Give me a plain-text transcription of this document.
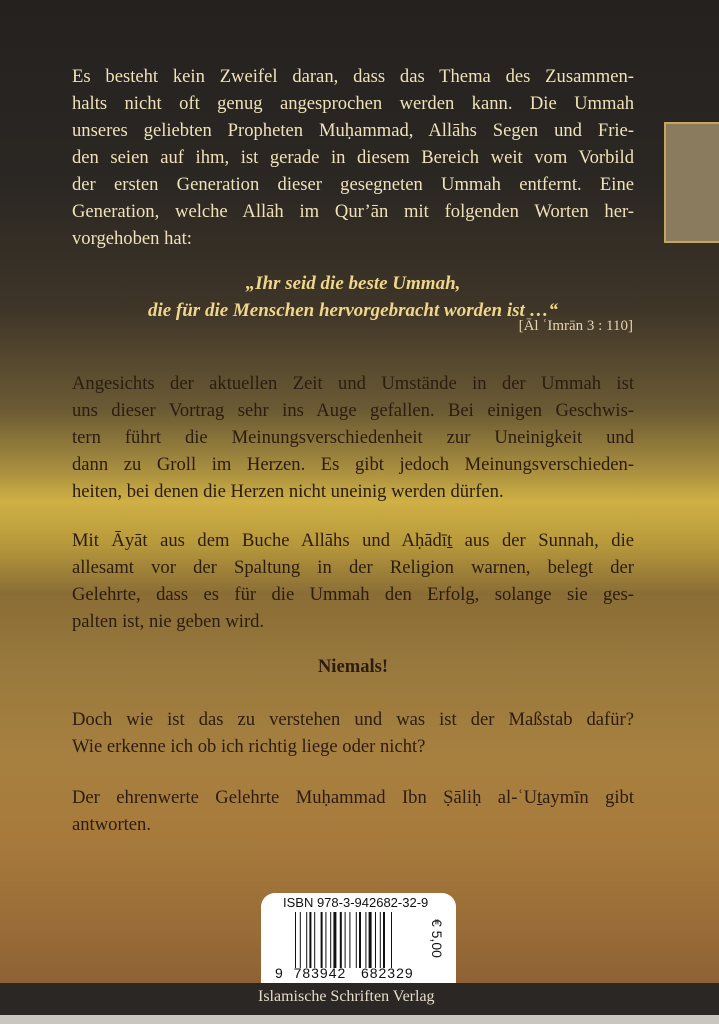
Es besteht kein Zweifel daran, dass das Thema des Zusammen-
halts nicht oft genug angesprochen werden kann. Die Ummah
unseres geliebten Propheten Muḥammad, Allāhs Segen und Frie-
den seien auf ihm, ist gerade in diesem Bereich weit vom Vorbild
der ersten Generation dieser gesegneten Ummah entfernt. Eine
Generation, welche Allāh im Qur’ān mit folgenden Worten her-
vorgehoben hat:
„Ihr seid die beste Ummah,
die für die Menschen hervorgebracht worden ist …“
[Āl ʿImrān 3 : 110]
Angesichts der aktuellen Zeit und Umstände in der Ummah ist
uns dieser Vortrag sehr ins Auge gefallen. Bei einigen Geschwis-
tern führt die Meinungsverschiedenheit zur Uneinigkeit und
dann zu Groll im Herzen. Es gibt jedoch Meinungsverschieden-
heiten, bei denen die Herzen nicht uneinig werden dürfen.
Mit Āyāt aus dem Buche Allāhs und Aḥādīṯ aus der Sunnah, die
allesamt vor der Spaltung in der Religion warnen, belegt der
Gelehrte, dass es für die Ummah den Erfolg, solange sie ges-
palten ist, nie geben wird.
Niemals!
Doch wie ist das zu verstehen und was ist der Maßstab dafür?
Wie erkenne ich ob ich richtig liege oder nicht?
Der ehrenwerte Gelehrte Muḥammad Ibn Ṣāliḥ al-ʿUṯaymīn gibt
antworten.
ISBN 978-3-942682-32-9
9  783942   682329
€ 5,00
Islamische Schriften Verlag
